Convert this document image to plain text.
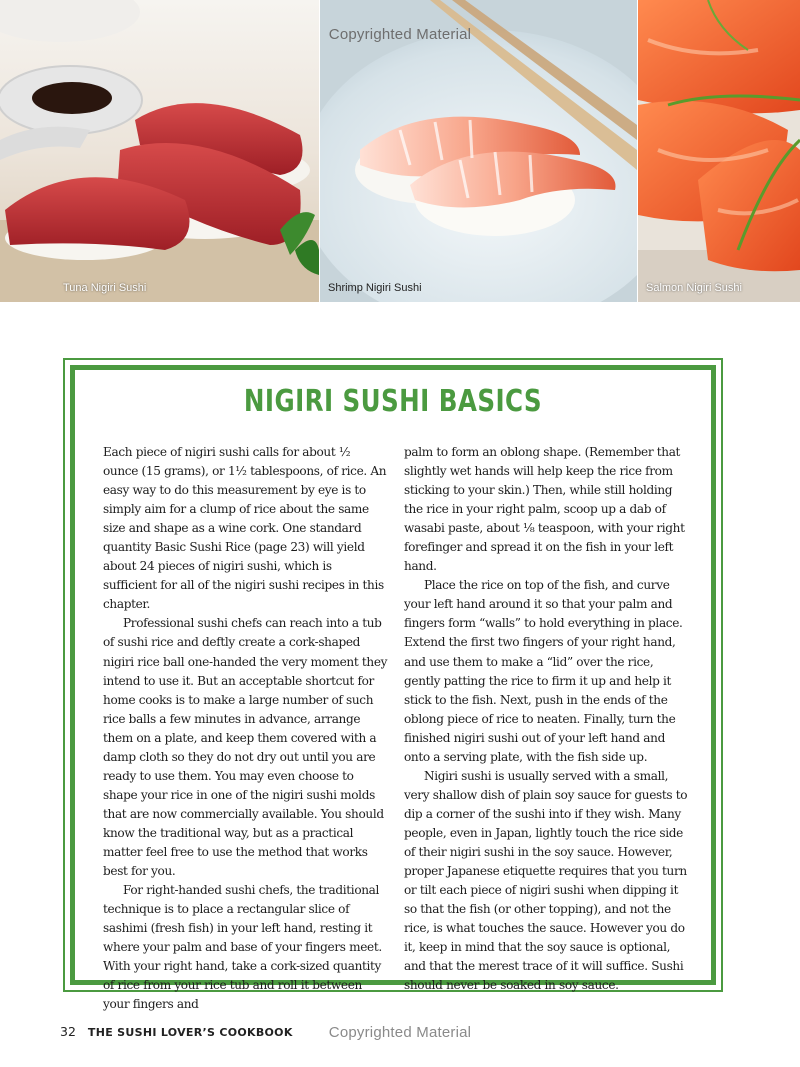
Tuna Nigiri Sushi	Shrimp Nigiri Sushi	Salmon Nigiri Sushi
Copyrighted Material
NIGIRI SUSHI BASICS

Each piece of nigiri sushi calls for about ½ ounce (15 grams), or 1½ tablespoons, of rice. An easy way to do this measurement by eye is to simply aim for a clump of rice about the same size and shape as a wine cork. One standard quantity Basic Sushi Rice (page 23) will yield about 24 pieces of nigiri sushi, which is sufficient for all of the nigiri sushi recipes in this chapter.

Professional sushi chefs can reach into a tub of sushi rice and deftly create a cork-shaped nigiri rice ball one-handed the very moment they intend to use it. But an acceptable shortcut for home cooks is to make a large number of such rice balls a few minutes in advance, arrange them on a plate, and keep them covered with a damp cloth so they do not dry out until you are ready to use them. You may even choose to shape your rice in one of the nigiri sushi molds that are now commercially available. You should know the traditional way, but as a practical matter feel free to use the method that works best for you.

For right-handed sushi chefs, the traditional technique is to place a rectangular slice of sashimi (fresh fish) in your left hand, resting it where your palm and base of your fingers meet. With your right hand, take a cork-sized quantity of rice from your rice tub and roll it between your fingers and

palm to form an oblong shape. (Remember that slightly wet hands will help keep the rice from sticking to your skin.) Then, while still holding the rice in your right palm, scoop up a dab of wasabi paste, about ⅛ teaspoon, with your right forefinger and spread it on the fish in your left hand.

Place the rice on top of the fish, and curve your left hand around it so that your palm and fingers form “walls” to hold everything in place. Extend the first two fingers of your right hand, and use them to make a “lid” over the rice, gently patting the rice to firm it up and help it stick to the fish. Next, push in the ends of the oblong piece of rice to neaten. Finally, turn the finished nigiri sushi out of your left hand and onto a serving plate, with the fish side up.

Nigiri sushi is usually served with a small, very shallow dish of plain soy sauce for guests to dip a corner of the sushi into if they wish. Many people, even in Japan, lightly touch the rice side of their nigiri sushi in the soy sauce. However, proper Japanese etiquette requires that you turn or tilt each piece of nigiri sushi when dipping it so that the fish (or other topping), and not the rice, is what touches the sauce. However you do it, keep in mind that the soy sauce is optional, and that the merest trace of it will suffice. Sushi should never be soaked in soy sauce.

32 THE SUSHI LOVER’S COOKBOOK	Copyrighted Material
